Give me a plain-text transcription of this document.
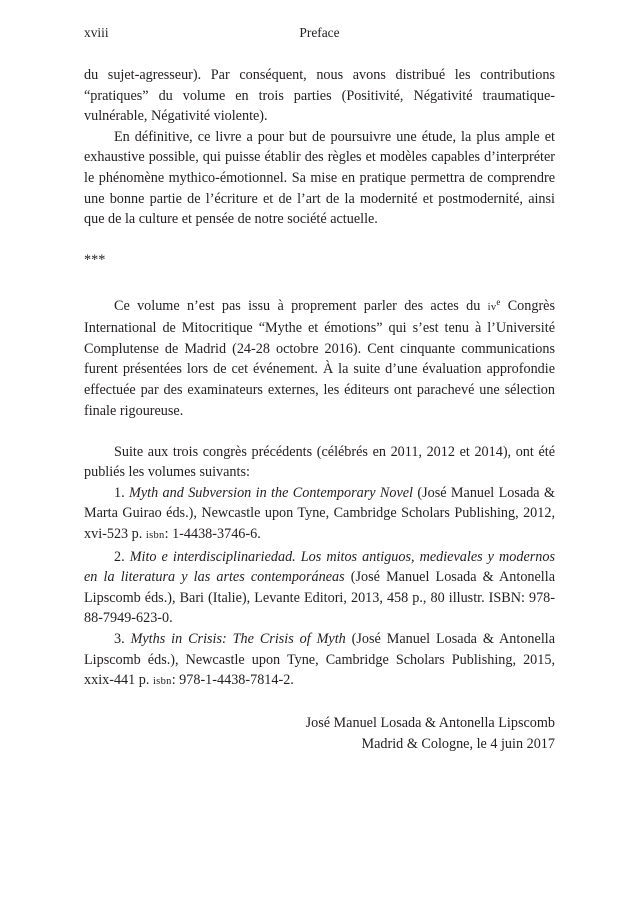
xviii	Preface

du sujet-agresseur). Par conséquent, nous avons distribué les contributions “pratiques” du volume en trois parties (Positivité, Négativité traumatique-vulnérable, Négativité violente).

En définitive, ce livre a pour but de poursuivre une étude, la plus ample et exhaustive possible, qui puisse établir des règles et modèles capables d’interpréter le phénomène mythico-émotionnel. Sa mise en pratique permettra de comprendre une bonne partie de l’écriture et de l’art de la modernité et postmodernité, ainsi que de la culture et pensée de notre société actuelle.

***

Ce volume n’est pas issu à proprement parler des actes du $iv^e$ Congrès International de Mitocritique “Mythe et émotions” qui s’est tenu à l’Université Complutense de Madrid (24-28 octobre 2016). Cent cinquante communications furent présentées lors de cet événement. À la suite d’une évaluation approfondie effectuée par des examinateurs externes, les éditeurs ont parachevé une sélection finale rigoureuse.

Suite aux trois congrès précédents (célébrés en 2011, 2012 et 2014), ont été publiés les volumes suivants:

1. Myth and Subversion in the Contemporary Novel (José Manuel Losada & Marta Guirao éds.), Newcastle upon Tyne, Cambridge Scholars Publishing, 2012, xvi-523 p. isbn: 1-4438-3746-6.

2. Mito e interdisciplinariedad. Los mitos antiguos, medievales y modernos en la literatura y las artes contemporáneas (José Manuel Losada & Antonella Lipscomb éds.), Bari (Italie), Levante Editori, 2013, 458 p., 80 illustr. ISBN: 978-88-7949-623-0.

3. Myths in Crisis: The Crisis of Myth (José Manuel Losada & Antonella Lipscomb éds.), Newcastle upon Tyne, Cambridge Scholars Publishing, 2015, xxix-441 p. isbn: 978-1-4438-7814-2.

José Manuel Losada & Antonella Lipscomb

Madrid & Cologne, le 4 juin 2017
